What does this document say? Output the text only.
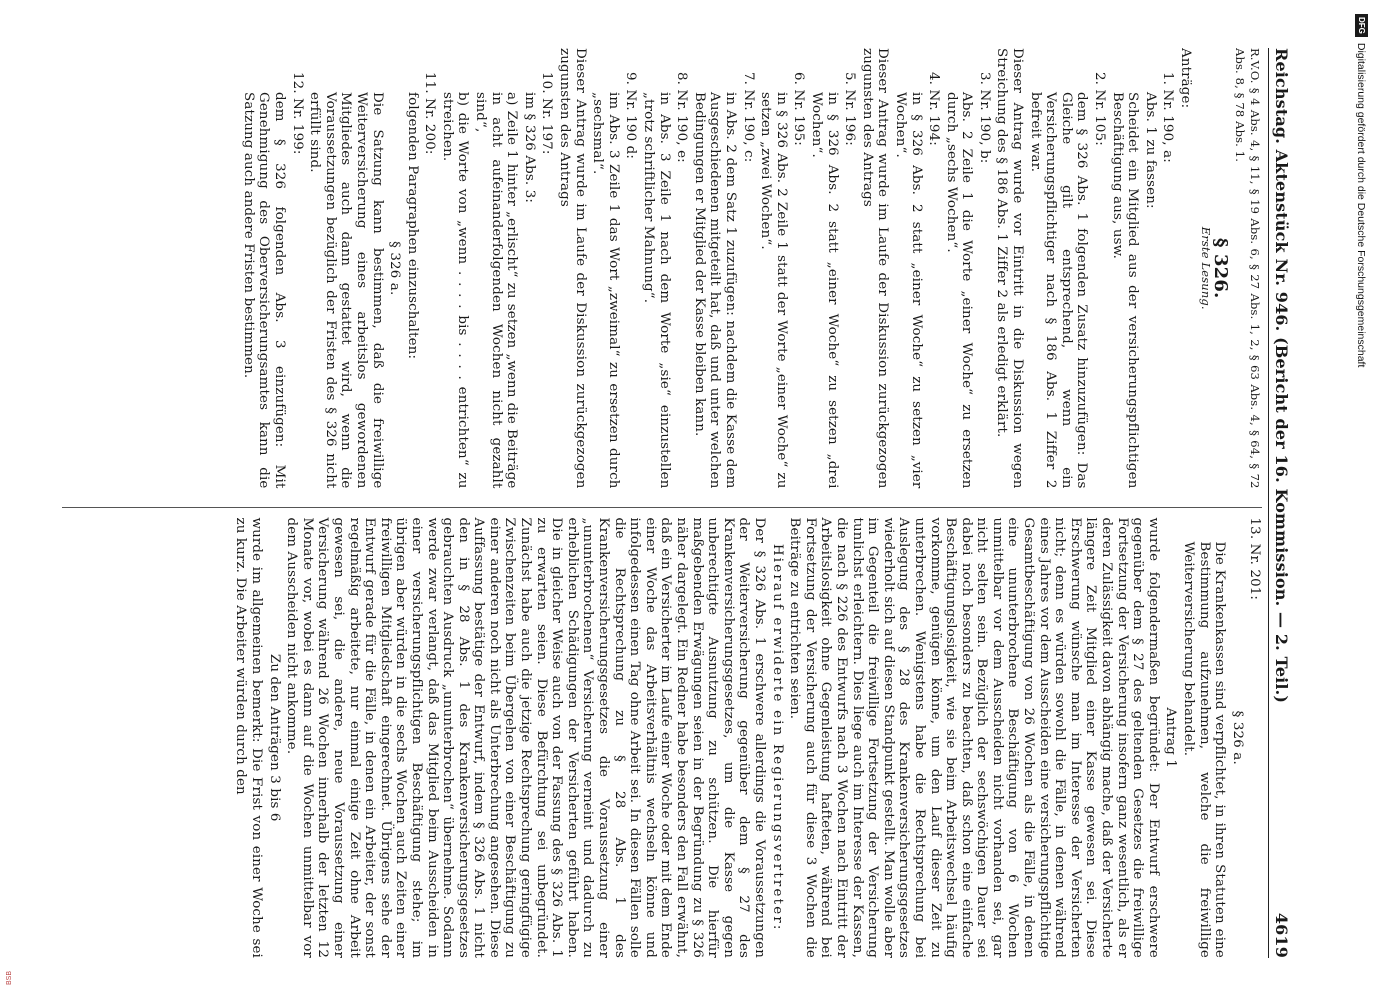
DFG
Digitalisierung gefördert durch die Deutsche Forschungsgemeinschaft
BSB
Reichstag. Aktenstück Nr. 946. (Bericht der 16. Kommission. — 2. Teil.)
4619

R.V.O. § 4 Abs. 4, § 11, § 19 Abs. 6, § 27 Abs. 1, 2, § 63 Abs. 4, § 64, § 72 Abs. 8, § 78 Abs. 1.

§ 326.

Erste Lesung.

Anträge:

1. Nr. 190, a:

Abs. 1 zu fassen:

Scheidet ein Mitglied aus der versicherungspflichtigen Beschäftigung aus, usw.

2. Nr. 105:

dem § 326 Abs. 1 folgenden Zusatz hinzuzufügen: Das Gleiche gilt entsprechend, wenn ein Versicherungspflichtiger nach § 186 Abs. 1 Ziffer 2 befreit war.

Dieser Antrag wurde vor Eintritt in die Diskussion wegen Streichung des § 186 Abs. 1 Ziffer 2 als erledigt erklärt.

3. Nr. 190, b:

Abs. 2 Zeile 1 die Worte „einer Woche“ zu ersetzen durch „sechs Wochen“.

4. Nr. 194:

in § 326 Abs. 2 statt „einer Woche“ zu setzen „vier Wochen“.

Dieser Antrag wurde im Laufe der Diskussion zurückgezogen zugunsten des Antrags

5. Nr. 196:

in § 326 Abs. 2 statt „einer Woche“ zu setzen „drei Wochen“.

6. Nr. 195:

in § 326 Abs. 2 Zeile 1 statt der Worte „einer Woche“ zu setzen „zwei Wochen“.

7. Nr. 190, c:

in Abs. 2 dem Satz 1 zuzufügen: nachdem die Kasse dem Ausgeschiedenen mitgeteilt hat, daß und unter welchen Bedingungen er Mitglied der Kasse bleiben kann.

8. Nr. 190, e:

in Abs. 3 Zeile 1 nach dem Worte „sie“ einzustellen „trotz schriftlicher Mahnung“.

9. Nr. 190 d:

im Abs. 3 Zeile 1 das Wort „zweimal“ zu ersetzen durch „sechsmal“.

Dieser Antrag wurde im Laufe der Diskussion zurückgezogen zugunsten des Antrags

10. Nr. 197:

im § 326 Abs. 3:

a) Zeile 1 hinter „erlischt“ zu setzen „wenn die Beiträge in acht aufeinanderfolgenden Wochen nicht gezahlt sind“,

b) die Worte von „wenn . . . . bis . . . . entrichten“ zu streichen.

11. Nr. 200:

folgenden Paragraphen einzuschalten:

§ 326 a.

Die Satzung kann bestimmen, daß die freiwillige Weiterversicherung eines arbeitslos gewordenen Mitgliedes auch dann gestattet wird, wenn die Voraussetzungen bezüglich der Fristen des § 326 nicht erfüllt sind.

12. Nr. 199:

dem § 326 folgenden Abs. 3 einzufügen: Mit Genehmigung des Oberversicherungsamtes kann die Satzung auch andere Fristen bestimmen.

13. Nr. 201:

§ 326 a.

Die Krankenkassen sind verpflichtet, in ihren Statuten eine Bestimmung aufzunehmen, welche die freiwillige Weiterversicherung behandelt.

Antrag 1

wurde folgendermaßen begründet: Der Entwurf erschwere gegenüber dem § 27 des geltenden Gesetzes die freiwillige Fortsetzung der Versicherung insofern ganz wesentlich, als er deren Zulässigkeit davon abhängig mache, daß der Versicherte längere Zeit Mitglied einer Kasse gewesen sei. Diese Erschwerung wünsche man im Interesse der Versicherten nicht; denn es würden sowohl die Fälle, in denen während eines Jahres vor dem Ausscheiden eine versicherungspflichtige Gesamtbeschäftigung von 26 Wochen als die Fälle, in denen eine ununterbrochene Beschäftigung von 6 Wochen unmittelbar vor dem Ausscheiden nicht vorhanden sei, gar nicht selten sein. Bezüglich der sechswöchigen Dauer sei dabei noch besonders zu beachten, daß schon eine einfache Beschäftigungslosigkeit, wie sie beim Arbeitswechsel häufig vorkomme, genügen könne, um den Lauf dieser Zeit zu unterbrechen. Wenigstens habe die Rechtsprechung bei Auslegung des § 28 des Krankenversicherungsgesetzes wiederholt sich auf diesen Standpunkt gestellt. Man wolle aber im Gegenteil die freiwillige Fortsetzung der Versicherung tunlichst erleichtern. Dies liege auch im Interesse der Kassen, die nach § 226 des Entwurfs nach 3 Wochen nach Eintritt der Arbeitslosigkeit ohne Gegenleistung hafteten, während bei Fortsetzung der Versicherung auch für diese 3 Wochen die Beiträge zu entrichten seien.

Hierauf erwiderte ein Regierungsvertreter:

Der § 326 Abs. 1 erschwere allerdings die Voraussetzungen der Weiterversicherung gegenüber dem § 27 des Krankenversicherungsgesetzes, um die Kasse gegen unberechtigte Ausnutzung zu schützen. Die hierfür maßgebenden Erwägungen seien in der Begründung zu § 326 näher dargelegt. Ein Redner habe besonders den Fall erwähnt, daß ein Versicherter im Laufe einer Woche oder mit dem Ende einer Woche das Arbeitsverhältnis wechseln könne und infolgedessen einen Tag ohne Arbeit sei. In diesen Fällen solle die Rechtsprechung zu § 28 Abs. 1 des Krankenversicherungsgesetzes die Voraussetzung einer „ununterbrochenen“ Versicherung verneint und dadurch zu erheblichen Schädigungen der Versicherten geführt haben. Die in gleicher Weise auch von der Fassung des § 326 Abs. 1 zu erwarten seien. Diese Befürchtung sei unbegründet. Zunächst habe auch die jetzige Rechtsprechung geringfügige Zwischenzeiten beim Übergehen von einer Beschäftigung zu einer anderen noch nicht als Unterbrechung angesehen. Diese Auffassung bestätige der Entwurf, indem § 326 Abs. 1 nicht den in § 28 Abs. 1 des Krankenversicherungsgesetzes gebrauchten Ausdruck „ununterbrochen“ übernehme. Sodann werde zwar verlangt, daß das Mitglied beim Ausscheiden in einer versicherungspflichtigen Beschäftigung stehe; im übrigen aber würden in die sechs Wochen auch Zeiten einer freiwilligen Mitgliedschaft eingerechnet. Übrigens sehe der Entwurf gerade für die Fälle, in denen ein Arbeiter, der sonst regelmäßig arbeitete, nur einmal einige Zeit ohne Arbeit gewesen sei, die andere, neue Voraussetzung einer Versicherung während 26 Wochen innerhalb der letzten 12 Monate vor, wobei es dann auf die Wochen unmittelbar vor dem Ausscheiden nicht ankomme.

Zu den Anträgen 3 bis 6

wurde im allgemeinen bemerkt: Die Frist von einer Woche sei zu kurz. Die Arbeiter würden durch den
